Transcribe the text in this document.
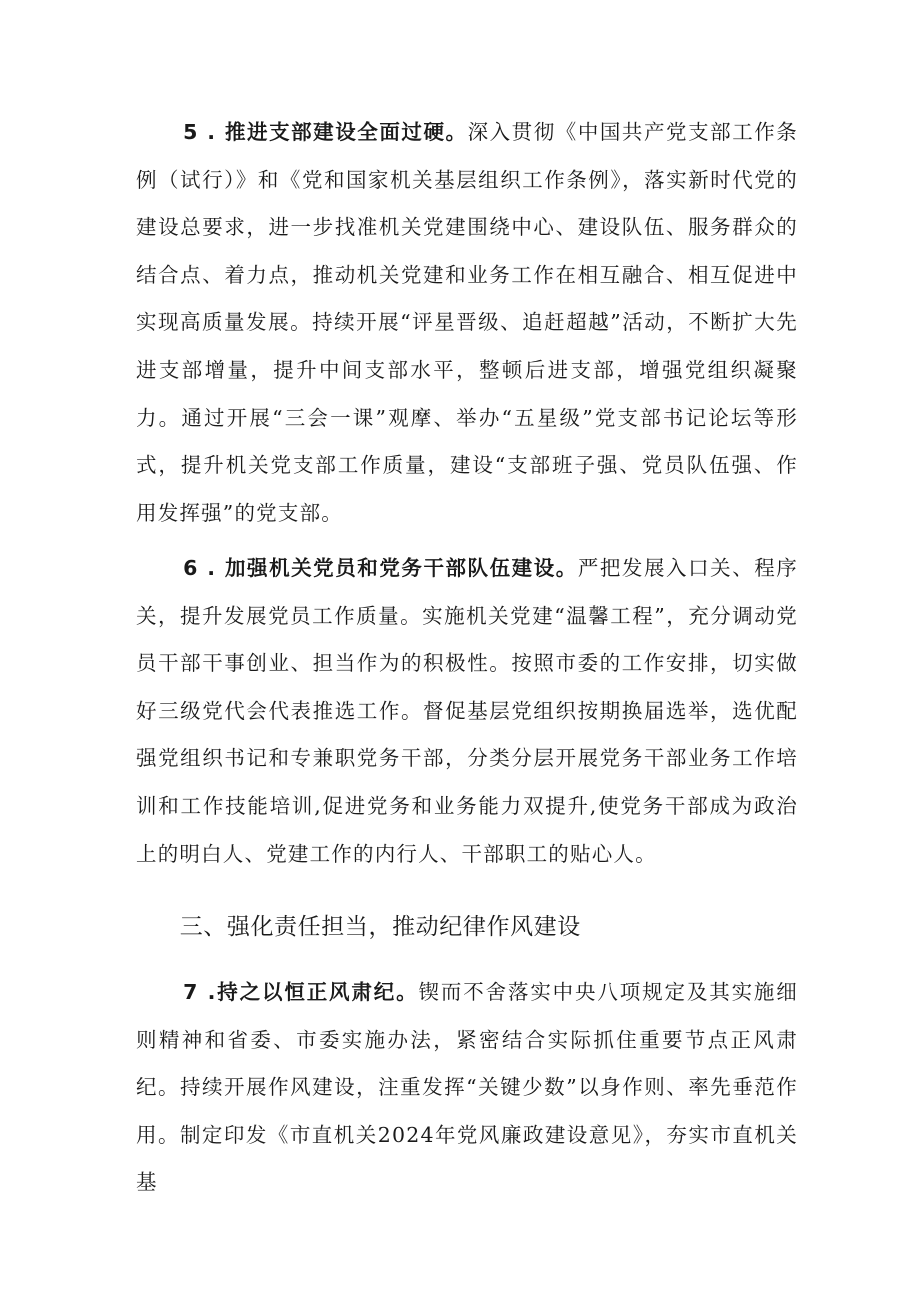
5 . 推进支部建设全面过硬。深入贯彻《中国共产党支部工作条例（试行）》和《党和国家机关基层组织工作条例》，落实新时代党的建设总要求，进一步找准机关党建围绕中心、建设队伍、服务群众的结合点、着力点，推动机关党建和业务工作在相互融合、相互促进中实现高质量发展。持续开展“评星晋级、追赶超越”活动，不断扩大先进支部增量，提升中间支部水平，整顿后进支部，增强党组织凝聚力。通过开展“三会一课”观摩、举办“五星级”党支部书记论坛等形式，提升机关党支部工作质量，建设“支部班子强、党员队伍强、作用发挥强”的党支部。

6 . 加强机关党员和党务干部队伍建设。严把发展入口关、程序关，提升发展党员工作质量。实施机关党建“温馨工程”，充分调动党员干部干事创业、担当作为的积极性。按照市委的工作安排，切实做好三级党代会代表推选工作。督促基层党组织按期换届选举，选优配强党组织书记和专兼职党务干部，分类分层开展党务干部业务工作培训和工作技能培训,促进党务和业务能力双提升,使党务干部成为政治上的明白人、党建工作的内行人、干部职工的贴心人。

三、强化责任担当，推动纪律作风建设

7 .持之以恒正风肃纪。锲而不舍落实中央八项规定及其实施细则精神和省委、市委实施办法，紧密结合实际抓住重要节点正风肃纪。持续开展作风建设，注重发挥“关键少数”以身作则、率先垂范作用。制定印发《市直机关2024年党风廉政建设意见》，夯实市直机关基
